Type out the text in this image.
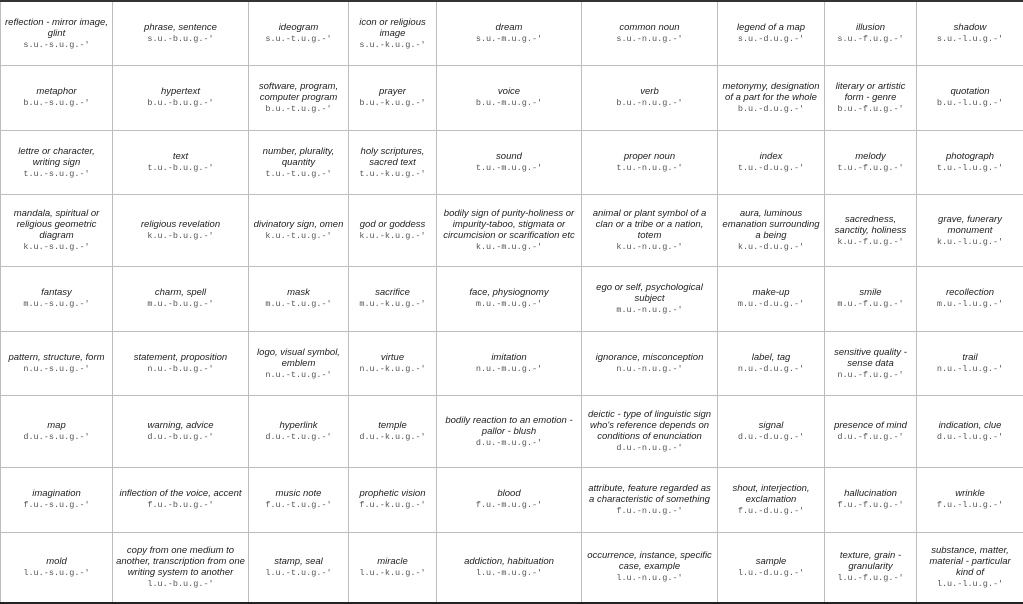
reflection - mirror image, glint
s.u.-s.u.g.-'	phrase, sentence
s.u.-b.u.g.-'	ideogram
s.u.-t.u.g.-'	icon or religious image
s.u.-k.u.g.-'	dream
s.u.-m.u.g.-'	common noun
s.u.-n.u.g.-'	legend of a map
s.u.-d.u.g.-'	illusion
s.u.-f.u.g.-'	shadow
s.u.-l.u.g.-'

metaphor
b.u.-s.u.g.-'	hypertext
b.u.-b.u.g.-'	software, program, computer program
b.u.-t.u.g.-'	prayer
b.u.-k.u.g.-'	voice
b.u.-m.u.g.-'	verb
b.u.-n.u.g.-'	metonymy, designation of a part for the whole
b.u.-d.u.g.-'	literary or artistic form - genre
b.u.-f.u.g.-'	quotation
b.u.-l.u.g.-'

lettre or character, writing sign
t.u.-s.u.g.-'	text
t.u.-b.u.g.-'	number, plurality, quantity
t.u.-t.u.g.-'	holy scriptures, sacred text
t.u.-k.u.g.-'	sound
t.u.-m.u.g.-'	proper noun
t.u.-n.u.g.-'	index
t.u.-d.u.g.-'	melody
t.u.-f.u.g.-'	photograph
t.u.-l.u.g.-'

mandala, spiritual or religious geometric diagram
k.u.-s.u.g.-'	religious revelation
k.u.-b.u.g.-'	divinatory sign, omen
k.u.-t.u.g.-'	god or goddess
k.u.-k.u.g.-'	bodily sign of purity-holiness or impurity-taboo, stigmata or circumcision or scarification etc
k.u.-m.u.g.-'	animal or plant symbol of a clan or a tribe or a nation, totem
k.u.-n.u.g.-'	aura, luminous emanation surrounding a being
k.u.-d.u.g.-'	sacredness, sanctity, holiness
k.u.-f.u.g.-'	grave, funerary monument
k.u.-l.u.g.-'

fantasy
m.u.-s.u.g.-'	charm, spell
m.u.-b.u.g.-'	mask
m.u.-t.u.g.-'	sacrifice
m.u.-k.u.g.-'	face, physiognomy
m.u.-m.u.g.-'	ego or self, psychological subject
m.u.-n.u.g.-'	make-up
m.u.-d.u.g.-'	smile
m.u.-f.u.g.-'	recollection
m.u.-l.u.g.-'

pattern, structure, form
n.u.-s.u.g.-'	statement, proposition
n.u.-b.u.g.-'	logo, visual symbol, emblem
n.u.-t.u.g.-'	virtue
n.u.-k.u.g.-'	imitation
n.u.-m.u.g.-'	ignorance, misconception
n.u.-n.u.g.-'	label, tag
n.u.-d.u.g.-'	sensitive quality - sense data
n.u.-f.u.g.-'	trail
n.u.-l.u.g.-'

map
d.u.-s.u.g.-'	warning, advice
d.u.-b.u.g.-'	hyperlink
d.u.-t.u.g.-'	temple
d.u.-k.u.g.-'	bodily reaction to an emotion - pallor - blush
d.u.-m.u.g.-'	deictic - type of linguistic sign who's reference depends on conditions of enunciation
d.u.-n.u.g.-'	signal
d.u.-d.u.g.-'	presence of mind
d.u.-f.u.g.-'	indication, clue
d.u.-l.u.g.-'

imagination
f.u.-s.u.g.-'	inflection of the voice, accent
f.u.-b.u.g.-'	music note
f.u.-t.u.g.-'	prophetic vision
f.u.-k.u.g.-'	blood
f.u.-m.u.g.-'	attribute, feature regarded as a characteristic of something
f.u.-n.u.g.-'	shout, interjection, exclamation
f.u.-d.u.g.-'	hallucination
f.u.-f.u.g.-'	wrinkle
f.u.-l.u.g.-'

mold
l.u.-s.u.g.-'	copy from one medium to another, transcription from one writing system to another
l.u.-b.u.g.-'	stamp, seal
l.u.-t.u.g.-'	miracle
l.u.-k.u.g.-'	addiction, habituation
l.u.-m.u.g.-'	occurrence, instance, specific case, example
l.u.-n.u.g.-'	sample
l.u.-d.u.g.-'	texture, grain - granularity
l.u.-f.u.g.-'	substance, matter, material - particular kind of
l.u.-l.u.g.-'
